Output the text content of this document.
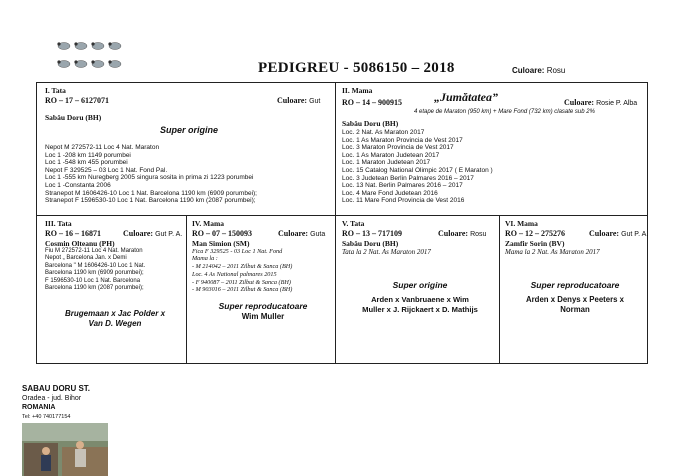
PEDIGREU - 5086150 – 2018	Culoare: Rosu
I. Tata
RO – 17 – 6127071	Culoare: Gut
Sabău Doru (BH)
Super origine
Nepot M 272572-11 Loc 4 Nat. Maraton
Loc 1 -208 km 1149 porumbei
Loc 1 -548 km 455 porumbei
Nepot F 329525 – 03 Loc 1 Nat. Fond Pal.
Loc 1 -555 km Nuregberg 2005 singura sosita in prima zi 1223 porumbei
Loc 1 -Constanta 2006
Stranepot M 1606426-10 Loc 1 Nat. Barcelona 1190 km (6909 porumbei);
Stranepot F 1596530-10 Loc 1 Nat. Barcelona 1190 km (2087 porumbei);
II. Mama
RO – 14 – 900915	„Jumătatea”	Culoare: Rosie P. Alba
4 etape de Maraton (950 km) + Mare Fond (732 km) clasate sub 2%
Sabău Doru (BH)
Loc. 2 Nat. As Maraton 2017
Loc. 1 As Maraton Provincia de Vest 2017
Loc. 3 Maraton Provincia de Vest 2017
Loc. 1 As Maraton Judetean 2017
Loc. 1 Maraton Judetean 2017
Loc. 15 Catalog National Olimpic 2017 ( E Maraton )
Loc. 3 Judetean Berlin Palmares 2016 – 2017
Loc. 13 Nat. Berlin Palmares 2016 – 2017
Loc. 4 Mare Fond Judetean 2016
Loc. 11 Mare Fond Provincia de Vest 2016
III. Tata
RO – 16 – 16871	Culoare: Gut P. A.
Cosmin Olteanu (PH)
Fiu M 272572-11 Loc 4 Nat. Maraton
Nepot „ Barcelona Jan. x Demi
Barcelona " M 1606426-10 Loc 1 Nat.
Barcelona 1190 km (6909 porumbei);
F 1596530-10 Loc 1 Nat. Barcelona
Barcelona 1190 km (2087 porumbei);
Brugemaan x Jac Polder x
Van D. Wegen
IV. Mama
RO – 07 – 150093	Culoare: Guta
Man Simion (SM)
Fica F 329525 - 03 Loc 1 Nat. Fond
Mama la :
- M 214042 – 2011 Zilbut & Sanca (BH)
Loc. 4 As National palmares 2015
- F 940087 – 2011 Zilbut & Sanca (BH)
- M 903016 – 2011 Zilbut & Sanca (BH)
Super reproducatoare
Wim Muller
V. Tata
RO – 13 – 717109	Culoare: Rosu
Sabău Doru (BH)
Tata la 2 Nat. As Maraton 2017
Super origine
Arden x Vanbruaene x Wim
Muller x J. Rijckaert x D. Mathijs
VI. Mama
RO – 12 – 275276	Culoare: Gut P. A.
Zamfir Sorin (BV)
Mama la 2 Nat. As Maraton 2017
Super reproducatoare
Arden x Denys x Peeters x
Norman
SABAU DORU ST.
Oradea - jud. Bihor
ROMANIA
Tel: +40 740177154
